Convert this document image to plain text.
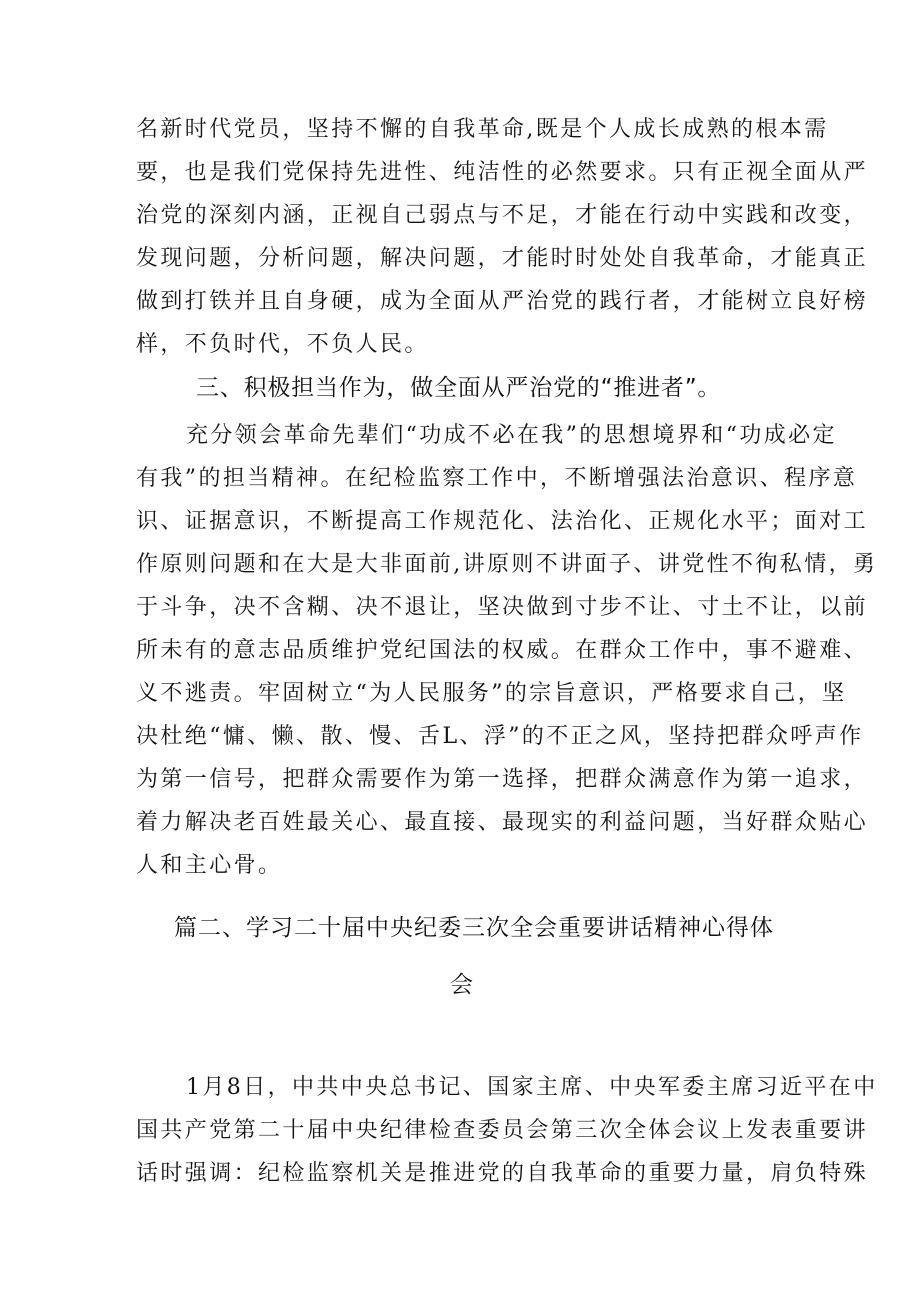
名新时代党员，坚持不懈的自我革命,既是个人成长成熟的根本需
要，也是我们党保持先进性、纯洁性的必然要求。只有正视全面从严
治党的深刻内涵，正视自己弱点与不足，才能在行动中实践和改变，
发现问题，分析问题，解决问题，才能时时处处自我革命，才能真正
做到打铁并且自身硬，成为全面从严治党的践行者，才能树立良好榜
样，不负时代，不负人民。
三、积极担当作为，做全面从严治党的“推进者”。
充分领会革命先辈们“功成不必在我”的思想境界和“功成必定
有我”的担当精神。在纪检监察工作中，不断增强法治意识、程序意
识、证据意识，不断提高工作规范化、法治化、正规化水平；面对工
作原则问题和在大是大非面前,讲原则不讲面子、讲党性不徇私情，勇
于斗争，决不含糊、决不退让，坚决做到寸步不让、寸土不让，以前
所未有的意志品质维护党纪国法的权威。在群众工作中，事不避难、
义不逃责。牢固树立“为人民服务”的宗旨意识，严格要求自己，坚
决杜绝“慵、懒、散、慢、舌L、浮”的不正之风，坚持把群众呼声作
为第一信号，把群众需要作为第一选择，把群众满意作为第一追求，
着力解决老百姓最关心、最直接、最现实的利益问题，当好群众贴心
人和主心骨。
篇二、学习二十届中央纪委三次全会重要讲话精神心得体
会
1月8日，中共中央总书记、国家主席、中央军委主席习近平在中
国共产党第二十届中央纪律检查委员会第三次全体会议上发表重要讲
话时强调：纪检监察机关是推进党的自我革命的重要力量，肩负特殊
